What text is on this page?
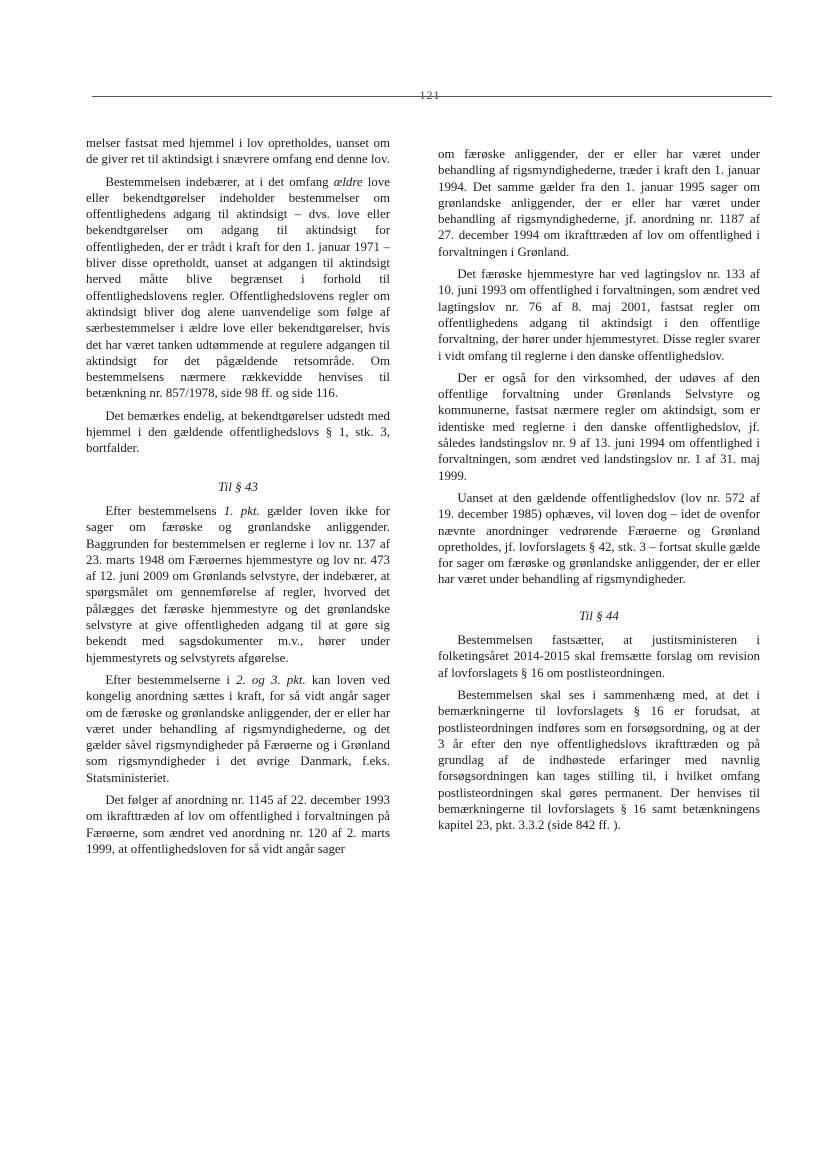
121

melser fastsat med hjemmel i lov opretholdes, uanset om de giver ret til aktindsigt i snævrere omfang end denne lov.

Bestemmelsen indebærer, at i det omfang ældre love eller bekendtgørelser indeholder bestemmelser om offentlighedens adgang til aktindsigt – dvs. love eller bekendtgørelser om adgang til aktindsigt for offentligheden, der er trådt i kraft for den 1. januar 1971 – bliver disse opretholdt, uanset at adgangen til aktindsigt herved måtte blive begrænset i forhold til offentlighedslovens regler. Offentlighedslovens regler om aktindsigt bliver dog alene uanvendelige som følge af særbestemmelser i ældre love eller bekendtgørelser, hvis det har været tanken udtømmende at regulere adgangen til aktindsigt for det pågældende retsområde. Om bestemmelsens nærmere rækkevidde henvises til betænkning nr. 857/1978, side 98 ff. og side 116.

Det bemærkes endelig, at bekendtgørelser udstedt med hjemmel i den gældende offentlighedslovs § 1, stk. 3, bortfalder.

Til § 43

Efter bestemmelsens 1. pkt. gælder loven ikke for sager om færøske og grønlandske anliggender. Baggrunden for bestemmelsen er reglerne i lov nr. 137 af 23. marts 1948 om Færøernes hjemmestyre og lov nr. 473 af 12. juni 2009 om Grønlands selvstyre, der indebærer, at spørgsmålet om gennemførelse af regler, hvorved det pålægges det færøske hjemmestyre og det grønlandske selvstyre at give offentligheden adgang til at gøre sig bekendt med sagsdokumenter m.v., hører under hjemmestyrets og selvstyrets afgørelse.

Efter bestemmelserne i 2. og 3. pkt. kan loven ved kongelig anordning sættes i kraft, for så vidt angår sager om de færøske og grønlandske anliggender, der er eller har været under behandling af rigsmyndighederne, og det gælder såvel rigsmyndigheder på Færøerne og i Grønland som rigsmyndigheder i det øvrige Danmark, f.eks. Statsministeriet.

Det følger af anordning nr. 1145 af 22. december 1993 om ikrafttræden af lov om offentlighed i forvaltningen på Færøerne, som ændret ved anordning nr. 120 af 2. marts 1999, at offentlighedsloven for så vidt angår sager

om færøske anliggender, der er eller har været under behandling af rigsmyndighederne, træder i kraft den 1. januar 1994. Det samme gælder fra den 1. januar 1995 sager om grønlandske anliggender, der er eller har været under behandling af rigsmyndighederne, jf. anordning nr. 1187 af 27. december 1994 om ikrafttræden af lov om offentlighed i forvaltningen i Grønland.

Det færøske hjemmestyre har ved lagtingslov nr. 133 af 10. juni 1993 om offentlighed i forvaltningen, som ændret ved lagtingslov nr. 76 af 8. maj 2001, fastsat regler om offentlighedens adgang til aktindsigt i den offentlige forvaltning, der hører under hjemmestyret. Disse regler svarer i vidt omfang til reglerne i den danske offentlighedslov.

Der er også for den virksomhed, der udøves af den offentlige forvaltning under Grønlands Selvstyre og kommunerne, fastsat nærmere regler om aktindsigt, som er identiske med reglerne i den danske offentlighedslov, jf. således landstingslov nr. 9 af 13. juni 1994 om offentlighed i forvaltningen, som ændret ved landstingslov nr. 1 af 31. maj 1999.

Uanset at den gældende offentlighedslov (lov nr. 572 af 19. december 1985) ophæves, vil loven dog – idet de ovenfor nævnte anordninger vedrørende Færøerne og Grønland opretholdes, jf. lovforslagets § 42, stk. 3 – fortsat skulle gælde for sager om færøske og grønlandske anliggender, der er eller har været under behandling af rigsmyndigheder.

Til § 44

Bestemmelsen fastsætter, at justitsministeren i folketingsåret 2014-2015 skal fremsætte forslag om revision af lovforslagets § 16 om postlisteordningen.

Bestemmelsen skal ses i sammenhæng med, at det i bemærkningerne til lovforslagets § 16 er forudsat, at postlisteordningen indføres som en forsøgsordning, og at der 3 år efter den nye offentlighedslovs ikrafttræden og på grundlag af de indhøstede erfaringer med navnlig forsøgsordningen kan tages stilling til, i hvilket omfang postlisteordningen skal gøres permanent. Der henvises til bemærkningerne til lovforslagets § 16 samt betænkningens kapitel 23, pkt. 3.3.2 (side 842 ff. ).
